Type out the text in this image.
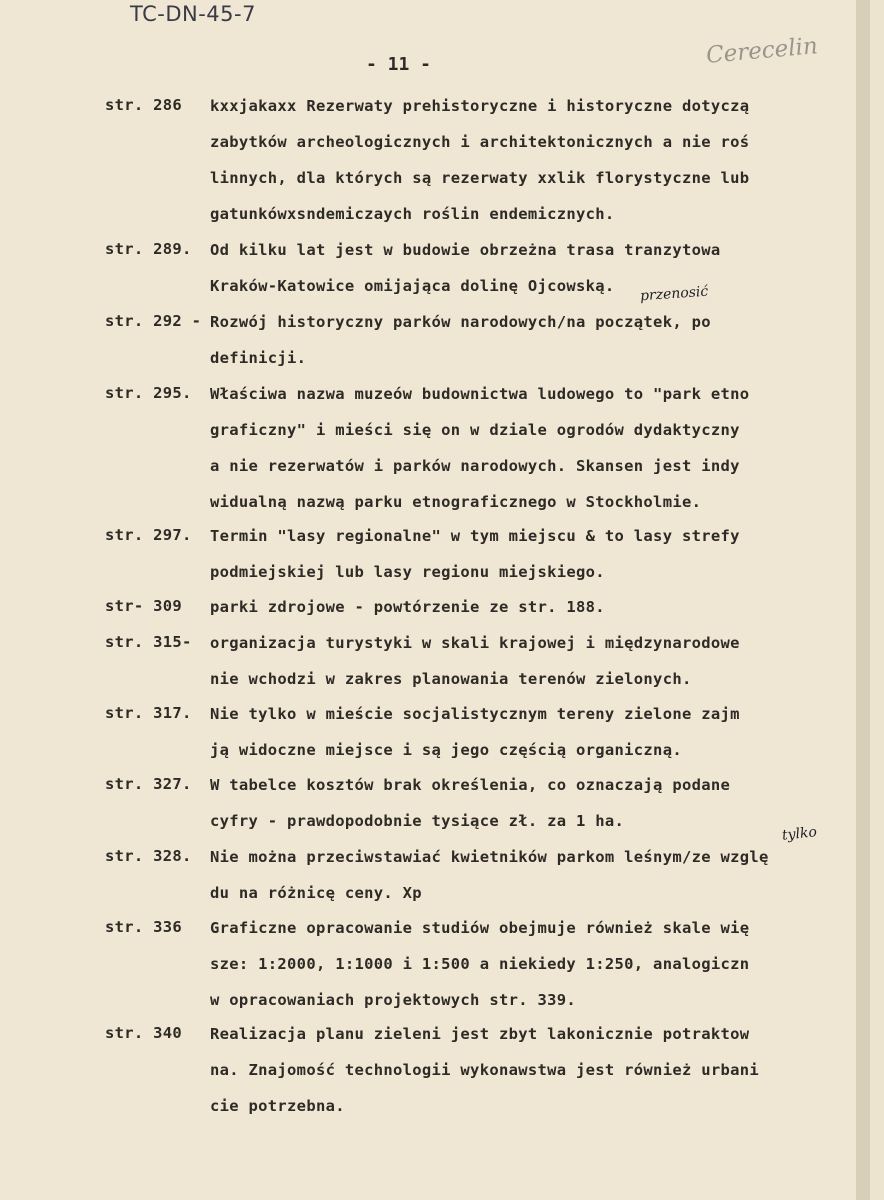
TC-DN-45-7
- 11 -	Cerecelin
przenosić
tylko
str. 286 kxxjakaxx Rezerwaty prehistoryczne i historyczne dotyczą
zabytków archeologicznych i architektonicznych a nie roś
linnych, dla których są rezerwaty xxlik florystyczne lub
gatunkówxsndemiczaych roślin endemicznych.
str. 289. Od kilku lat jest w budowie obrzeżna trasa tranzytowa
Kraków-Katowice omijająca dolinę Ojcowską.
str. 292 - Rozwój historyczny parków narodowych/na początek, po
definicji.
str. 295. Właściwa nazwa muzeów budownictwa ludowego to "park etno
graficzny" i mieści się on w dziale ogrodów dydaktyczny
a nie rezerwatów i parków narodowych. Skansen jest indy
widualną nazwą parku etnograficznego w Stockholmie.
str. 297. Termin "lasy regionalne" w tym miejscu & to lasy strefy
podmiejskiej lub lasy regionu miejskiego.
str- 309 parki zdrojowe - powtórzenie ze str. 188.
str. 315- organizacja turystyki w skali krajowej i międzynarodowe
nie wchodzi w zakres planowania terenów zielonych.
str. 317. Nie tylko w mieście socjalistycznym tereny zielone zajm
ją widoczne miejsce i są jego częścią organiczną.
str. 327. W tabelce kosztów brak określenia, co oznaczają podane
cyfry - prawdopodobnie tysiące zł. za 1 ha.
str. 328. Nie można przeciwstawiać kwietników parkom leśnym/ze wzglę
du na różnicę ceny. Xp
str. 336 Graficzne opracowanie studiów obejmuje również skale wię
sze: 1:2000, 1:1000 i 1:500 a niekiedy 1:250, analogiczn
w opracowaniach projektowych str. 339.
str. 340 Realizacja planu zieleni jest zbyt lakonicznie potraktow
na. Znajomość technologii wykonawstwa jest również urbani
cie potrzebna.
